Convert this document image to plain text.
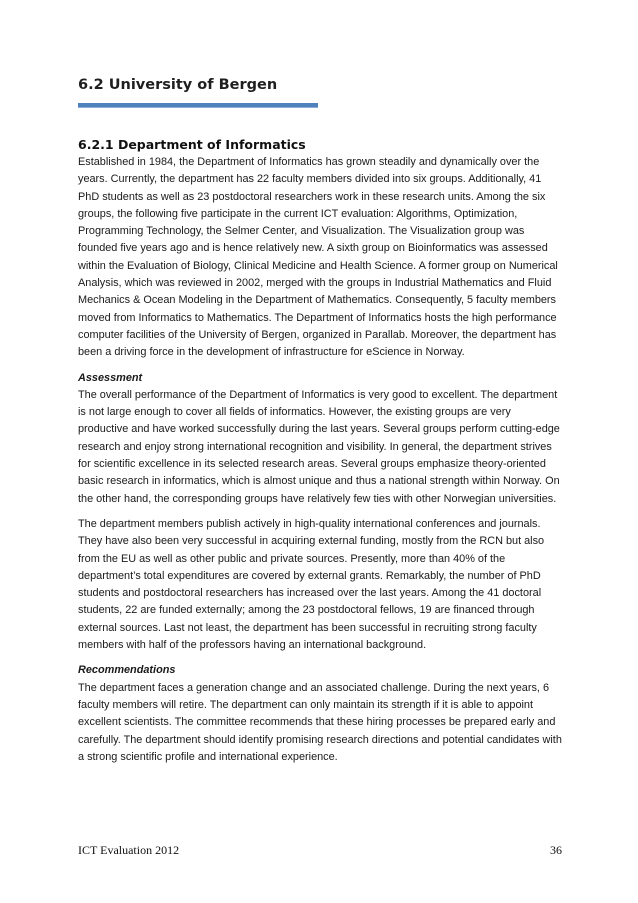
6.2 University of Bergen
6.2.1 Department of Informatics

Established in 1984, the Department of Informatics has grown steadily and dynamically over the years. Currently, the department has 22 faculty members divided into six groups. Additionally, 41 PhD students as well as 23 postdoctoral researchers work in these research units. Among the six groups, the following five participate in the current ICT evaluation: Algorithms, Optimization, Programming Technology, the Selmer Center, and Visualization. The Visualization group was founded five years ago and is hence relatively new. A sixth group on Bioinformatics was assessed within the Evaluation of Biology, Clinical Medicine and Health Science. A former group on Numerical Analysis, which was reviewed in 2002, merged with the groups in Industrial Mathematics and Fluid Mechanics & Ocean Modeling in the Department of Mathematics. Consequently, 5 faculty members moved from Informatics to Mathematics. The Department of Informatics hosts the high performance computer facilities of the University of Bergen, organized in Parallab. Moreover, the department has been a driving force in the development of infrastructure for eScience in Norway.

Assessment
The overall performance of the Department of Informatics is very good to excellent. The department is not large enough to cover all fields of informatics. However, the existing groups are very productive and have worked successfully during the last years. Several groups perform cutting-edge research and enjoy strong international recognition and visibility. In general, the department strives for scientific excellence in its selected research areas. Several groups emphasize theory-oriented basic research in informatics, which is almost unique and thus a national strength within Norway. On the other hand, the corresponding groups have relatively few ties with other Norwegian universities.

The department members publish actively in high-quality international conferences and journals. They have also been very successful in acquiring external funding, mostly from the RCN but also from the EU as well as other public and private sources. Presently, more than 40% of the department’s total expenditures are covered by external grants. Remarkably, the number of PhD students and postdoctoral researchers has increased over the last years. Among the 41 doctoral students, 22 are funded externally; among the 23 postdoctoral fellows, 19 are financed through external sources. Last not least, the department has been successful in recruiting strong faculty members with half of the professors having an international background.

Recommendations
The department faces a generation change and an associated challenge. During the next years, 6 faculty members will retire. The department can only maintain its strength if it is able to appoint excellent scientists. The committee recommends that these hiring processes be prepared early and carefully. The department should identify promising research directions and potential candidates with a strong scientific profile and international experience.

ICT Evaluation 2012	36
